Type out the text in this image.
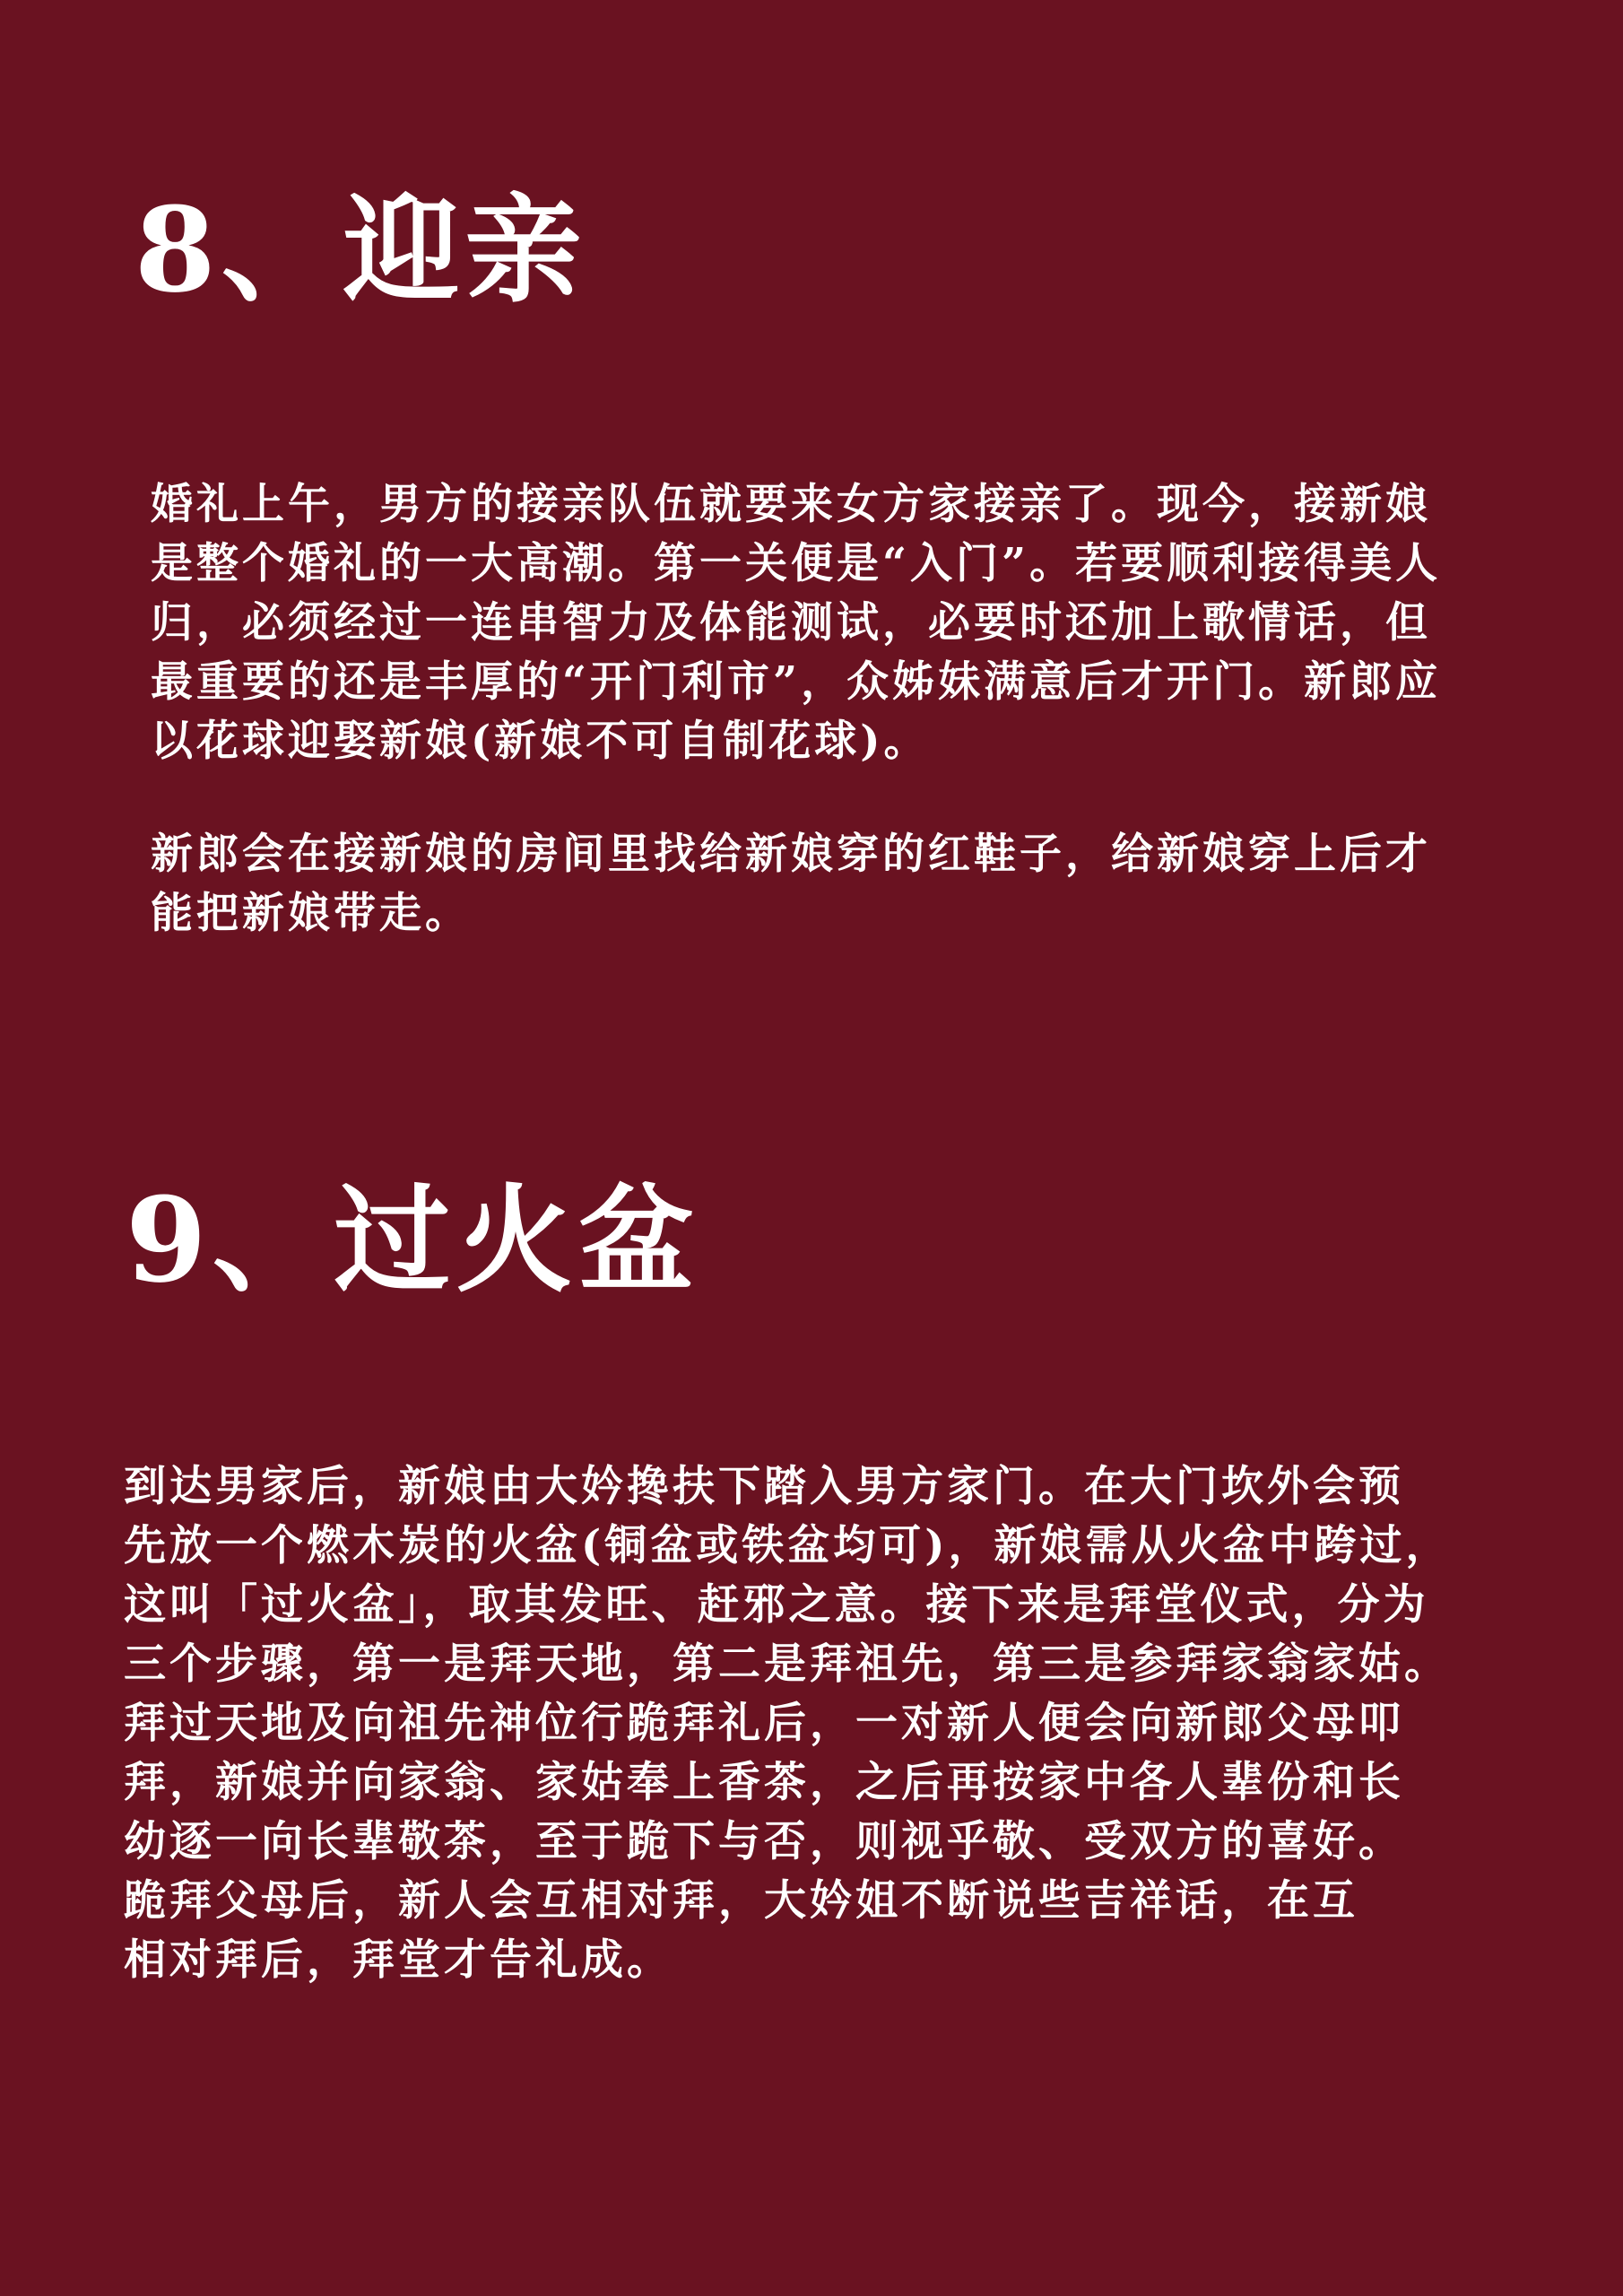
8、迎亲
婚礼上午，男方的接亲队伍就要来女方家接亲了。现今，接新娘
是整个婚礼的一大高潮。第一关便是“入门”。若要顺利接得美人
归，必须经过一连串智力及体能测试，必要时还加上歌情话，但
最重要的还是丰厚的“开门利市”，众姊妹满意后才开门。新郎应
以花球迎娶新娘(新娘不可自制花球)。
新郎会在接新娘的房间里找给新娘穿的红鞋子，给新娘穿上后才
能把新娘带走。
9、过火盆
到达男家后，新娘由大妗搀扶下踏入男方家门。在大门坎外会预
先放一个燃木炭的火盆(铜盆或铁盆均可)，新娘需从火盆中跨过，
这叫「过火盆」，取其发旺、赶邪之意。接下来是拜堂仪式，分为
三个步骤，第一是拜天地，第二是拜祖先，第三是参拜家翁家姑。
拜过天地及向祖先神位行跪拜礼后，一对新人便会向新郎父母叩
拜，新娘并向家翁、家姑奉上香茶，之后再按家中各人辈份和长
幼逐一向长辈敬茶，至于跪下与否，则视乎敬、受双方的喜好。
跪拜父母后，新人会互相对拜，大妗姐不断说些吉祥话，在互
相对拜后，拜堂才告礼成。
